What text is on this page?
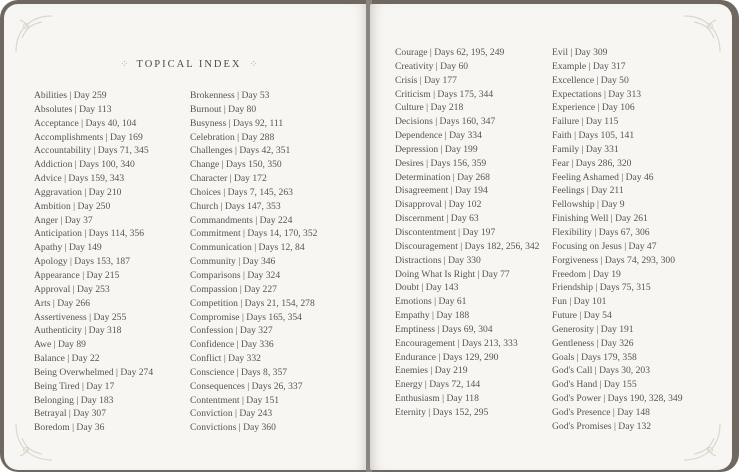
⁘ TOPICAL INDEX ⁘
Abilities | Day 259
Absolutes | Day 113
Acceptance | Days 40, 104
Accomplishments | Day 169
Accountability | Days 71, 345
Addiction | Days 100, 340
Advice | Days 159, 343
Aggravation | Day 210
Ambition | Day 250
Anger | Day 37
Anticipation | Days 114, 356
Apathy | Day 149
Apology | Days 153, 187
Appearance | Day 215
Approval | Day 253
Arts | Day 266
Assertiveness | Day 255
Authenticity | Day 318
Awe | Day 89
Balance | Day 22
Being Overwhelmed | Day 274
Being Tired | Day 17
Belonging | Day 183
Betrayal | Day 307
Boredom | Day 36
Brokenness | Day 53
Burnout | Day 80
Busyness | Days 92, 111
Celebration | Day 288
Challenges | Days 42, 351
Change | Days 150, 350
Character | Day 172
Choices | Days 7, 145, 263
Church | Days 147, 353
Commandments | Day 224
Commitment | Days 14, 170, 352
Communication | Days 12, 84
Community | Day 346
Comparisons | Day 324
Compassion | Day 227
Competition | Days 21, 154, 278
Compromise | Days 165, 354
Confession | Day 327
Confidence | Day 336
Conflict | Day 332
Conscience | Days 8, 357
Consequences | Days 26, 337
Contentment | Day 151
Conviction | Day 243
Convictions | Day 360
Courage | Days 62, 195, 249
Creativity | Day 60
Crisis | Day 177
Criticism | Days 175, 344
Culture | Day 218
Decisions | Days 160, 347
Dependence | Day 334
Depression | Day 199
Desires | Days 156, 359
Determination | Day 268
Disagreement | Day 194
Disapproval | Day 102
Discernment | Day 63
Discontentment | Day 197
Discouragement | Days 182, 256, 342
Distractions | Day 330
Doing What Is Right | Day 77
Doubt | Day 143
Emotions | Day 61
Empathy | Day 188
Emptiness | Days 69, 304
Encouragement | Days 213, 333
Endurance | Days 129, 290
Enemies | Day 219
Energy | Days 72, 144
Enthusiasm | Day 118
Eternity | Days 152, 295
Evil | Day 309
Example | Day 317
Excellence | Day 50
Expectations | Day 313
Experience | Day 106
Failure | Day 115
Faith | Days 105, 141
Family | Day 331
Fear | Days 286, 320
Feeling Ashamed | Day 46
Feelings | Day 211
Fellowship | Day 9
Finishing Well | Day 261
Flexibility | Days 67, 306
Focusing on Jesus | Day 47
Forgiveness | Days 74, 293, 300
Freedom | Day 19
Friendship | Days 75, 315
Fun | Day 101
Future | Day 54
Generosity | Day 191
Gentleness | Day 326
Goals | Days 179, 358
God's Call | Days 30, 203
God's Hand | Day 155
God's Power | Days 190, 328, 349
God's Presence | Day 148
God's Promises | Day 132
